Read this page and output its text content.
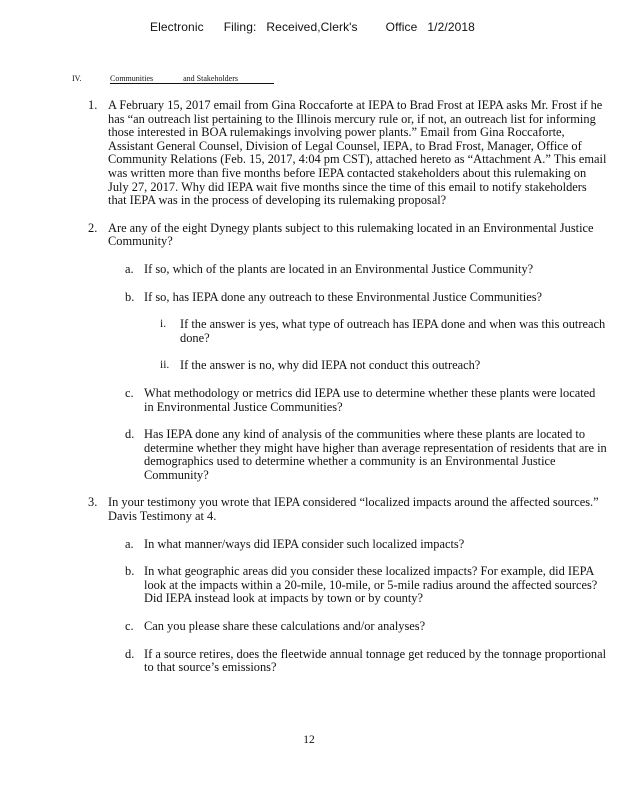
Electronic Filing: Received,Clerk's Office 1/2/2018
IV.	Communities	and Stakeholders
1. A February 15, 2017 email from Gina Roccaforte at IEPA to Brad Frost at IEPA asks Mr. Frost if he has “an outreach list pertaining to the Illinois mercury rule or, if not, an outreach list for informing those interested in BOA rulemakings involving power plants.” Email from Gina Roccaforte, Assistant General Counsel, Division of Legal Counsel, IEPA, to Brad Frost, Manager, Office of Community Relations (Feb. 15, 2017, 4:04 pm CST), attached hereto as “Attachment A.” This email was written more than five months before IEPA contacted stakeholders about this rulemaking on July 27, 2017. Why did IEPA wait five months since the time of this email to notify stakeholders that IEPA was in the process of developing its rulemaking proposal?

2. Are any of the eight Dynegy plants subject to this rulemaking located in an Environmental Justice Community?

a. If so, which of the plants are located in an Environmental Justice Community?

b. If so, has IEPA done any outreach to these Environmental Justice Communities?

i. If the answer is yes, what type of outreach has IEPA done and when was this outreach done?

ii. If the answer is no, why did IEPA not conduct this outreach?

c. What methodology or metrics did IEPA use to determine whether these plants were located in Environmental Justice Communities?

d. Has IEPA done any kind of analysis of the communities where these plants are located to determine whether they might have higher than average representation of residents that are in demographics used to determine whether a community is an Environmental Justice Community?

3. In your testimony you wrote that IEPA considered “localized impacts around the affected sources.” Davis Testimony at 4.

a. In what manner/ways did IEPA consider such localized impacts?

b. In what geographic areas did you consider these localized impacts? For example, did IEPA look at the impacts within a 20-mile, 10-mile, or 5-mile radius around the affected sources? Did IEPA instead look at impacts by town or by county?

c. Can you please share these calculations and/or analyses?

d. If a source retires, does the fleetwide annual tonnage get reduced by the tonnage proportional to that source’s emissions?

12
